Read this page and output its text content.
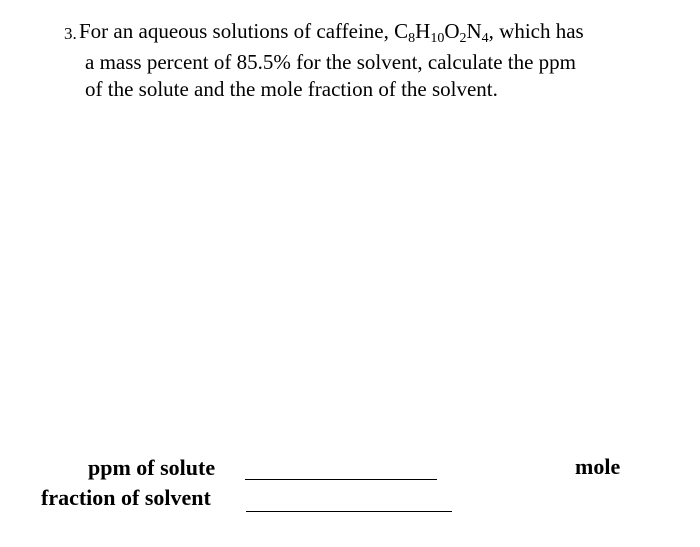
3. For an aqueous solutions of caffeine, $C_8H_{10}O_2N_4$, which has
a mass percent of 85.5% for the solvent, calculate the ppm
of the solute and the mole fraction of the solvent.
ppm of solute	mole
fraction of solvent
